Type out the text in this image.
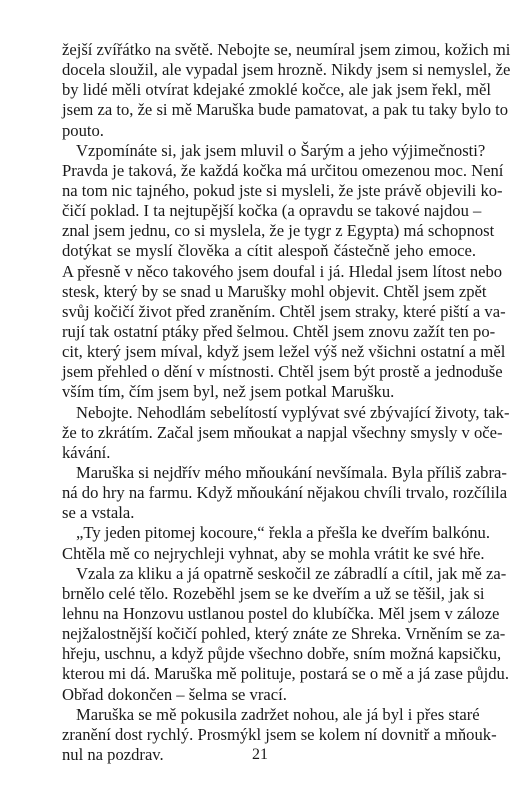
žejší zvířátko na světě. Nebojte se, neumíral jsem zimou, kožich mi
docela sloužil, ale vypadal jsem hrozně. Nikdy jsem si nemyslel, že
by lidé měli otvírat kdejaké zmoklé kočce, ale jak jsem řekl, měl
jsem za to, že si mě Maruška bude pamatovat, a pak tu taky bylo to
pouto.
Vzpomínáte si, jak jsem mluvil o Šarým a jeho výjimečnosti?
Pravda je taková, že každá kočka má určitou omezenou moc. Není
na tom nic tajného, pokud jste si mysleli, že jste právě objevili ko-
čičí poklad. I ta nejtupější kočka (a opravdu se takové najdou –
znal jsem jednu, co si myslela, že je tygr z Egypta) má schopnost
dotýkat se myslí člověka a cítit alespoň částečně jeho emoce.
A přesně v něco takového jsem doufal i já. Hledal jsem lítost nebo
stesk, který by se snad u Marušky mohl objevit. Chtěl jsem zpět
svůj kočičí život před zraněním. Chtěl jsem straky, které piští a va-
rují tak ostatní ptáky před šelmou. Chtěl jsem znovu zažít ten po-
cit, který jsem míval, když jsem ležel výš než všichni ostatní a měl
jsem přehled o dění v místnosti. Chtěl jsem být prostě a jednoduše
vším tím, čím jsem byl, než jsem potkal Marušku.
Nebojte. Nehodlám sebelítostí vyplývat své zbývající životy, tak-
že to zkrátím. Začal jsem mňoukat a napjal všechny smysly v oče-
kávání.
Maruška si nejdřív mého mňoukání nevšímala. Byla příliš zabra-
ná do hry na farmu. Když mňoukání nějakou chvíli trvalo, rozčílila
se a vstala.
„Ty jeden pitomej kocoure,“ řekla a přešla ke dveřím balkónu.
Chtěla mě co nejrychleji vyhnat, aby se mohla vrátit ke své hře.
Vzala za kliku a já opatrně seskočil ze zábradlí a cítil, jak mě za-
brnělo celé tělo. Rozeběhl jsem se ke dveřím a už se těšil, jak si
lehnu na Honzovu ustlanou postel do klubíčka. Měl jsem v záloze
nejžalostnější kočičí pohled, který znáte ze Shreka. Vrněním se za-
hřeju, uschnu, a když půjde všechno dobře, sním možná kapsičku,
kterou mi dá. Maruška mě polituje, postará se o mě a já zase půjdu.
Obřad dokončen – šelma se vrací.
Maruška se mě pokusila zadržet nohou, ale já byl i přes staré
zranění dost rychlý. Prosmýkl jsem se kolem ní dovnitř a mňouk-
nul na pozdrav.	21
